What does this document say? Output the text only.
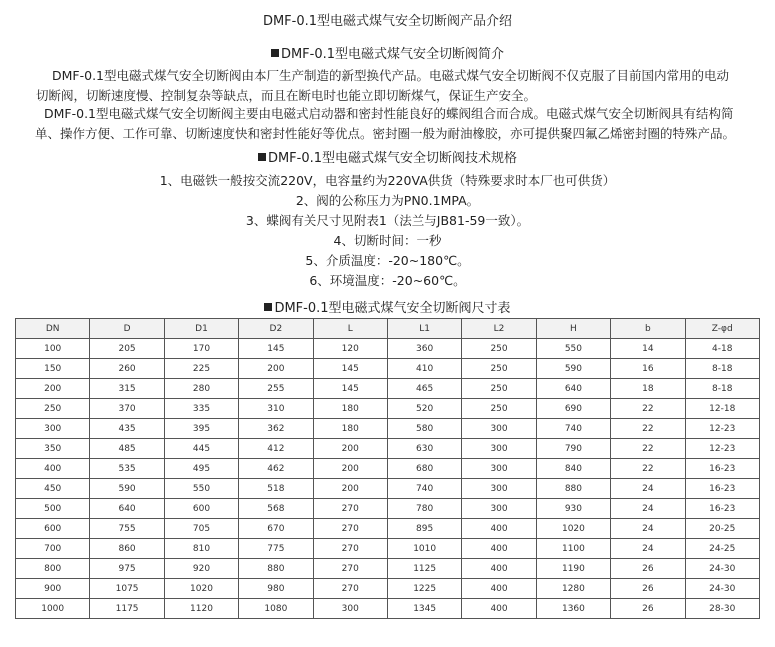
DMF-0.1型电磁式煤气安全切断阀产品介绍
DMF-0.1型电磁式煤气安全切断阀简介
DMF-0.1型电磁式煤气安全切断阀由本厂生产制造的新型换代产品。电磁式煤气安全切断阀不仅克服了目前国内常用的电动
切断阀，切断速度慢、控制复杂等缺点，而且在断电时也能立即切断煤气，保证生产安全。
DMF-0.1型电磁式煤气安全切断阀主要由电磁式启动器和密封性能良好的蝶阀组合而合成。电磁式煤气安全切断阀具有结构简
单、操作方便、工作可靠、切断速度快和密封性能好等优点。密封圈一般为耐油橡胶，亦可提供聚四氟乙烯密封圈的特殊产品。
DMF-0.1型电磁式煤气安全切断阀技术规格
1、电磁铁一般按交流220V，电容量约为220VA供货（特殊要求时本厂也可供货）
2、阀的公称压力为PN0.1MPA。
3、蝶阀有关尺寸见附表1（法兰与JB81-59一致）。
4、切断时间：一秒
5、介质温度：-20~180℃。
6、环境温度：-20~60℃。
DMF-0.1型电磁式煤气安全切断阀尺寸表
DN	D	D1	D2	L	L1	L2	H	b	Z-φd
100	205	170	145	120	360	250	550	14	4-18
150	260	225	200	145	410	250	590	16	8-18
200	315	280	255	145	465	250	640	18	8-18
250	370	335	310	180	520	250	690	22	12-18
300	435	395	362	180	580	300	740	22	12-23
350	485	445	412	200	630	300	790	22	12-23
400	535	495	462	200	680	300	840	22	16-23
450	590	550	518	200	740	300	880	24	16-23
500	640	600	568	270	780	300	930	24	16-23
600	755	705	670	270	895	400	1020	24	20-25
700	860	810	775	270	1010	400	1100	24	24-25
800	975	920	880	270	1125	400	1190	26	24-30
900	1075	1020	980	270	1225	400	1280	26	24-30
1000	1175	1120	1080	300	1345	400	1360	26	28-30
